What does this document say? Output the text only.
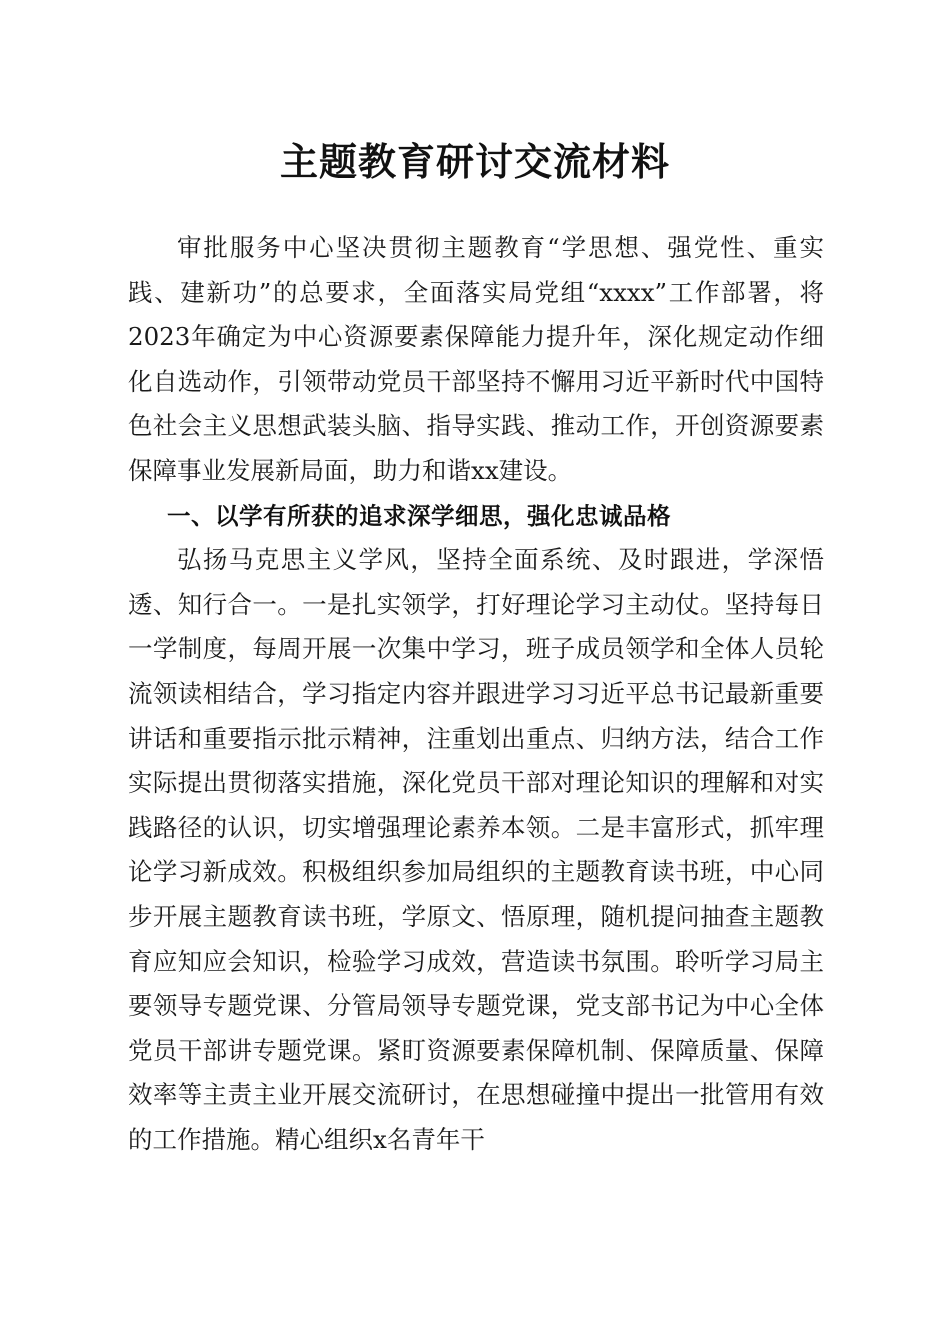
主题教育研讨交流材料

审批服务中心坚决贯彻主题教育“学思想、强党性、重实践、建新功”的总要求，全面落实局党组“xxxx”工作部署，将2023年确定为中心资源要素保障能力提升年，深化规定动作细化自选动作，引领带动党员干部坚持不懈用习近平新时代中国特色社会主义思想武装头脑、指导实践、推动工作，开创资源要素保障事业发展新局面，助力和谐xx建设。

一、以学有所获的追求深学细思，强化忠诚品格

弘扬马克思主义学风，坚持全面系统、及时跟进，学深悟透、知行合一。一是扎实领学，打好理论学习主动仗。坚持每日一学制度，每周开展一次集中学习，班子成员领学和全体人员轮流领读相结合，学习指定内容并跟进学习习近平总书记最新重要讲话和重要指示批示精神，注重划出重点、归纳方法，结合工作实际提出贯彻落实措施，深化党员干部对理论知识的理解和对实践路径的认识，切实增强理论素养本领。二是丰富形式，抓牢理论学习新成效。积极组织参加局组织的主题教育读书班，中心同步开展主题教育读书班，学原文、悟原理，随机提问抽查主题教育应知应会知识，检验学习成效，营造读书氛围。聆听学习局主要领导专题党课、分管局领导专题党课，党支部书记为中心全体党员干部讲专题党课。紧盯资源要素保障机制、保障质量、保障效率等主责主业开展交流研讨，在思想碰撞中提出一批管用有效的工作措施。精心组织x名青年干
